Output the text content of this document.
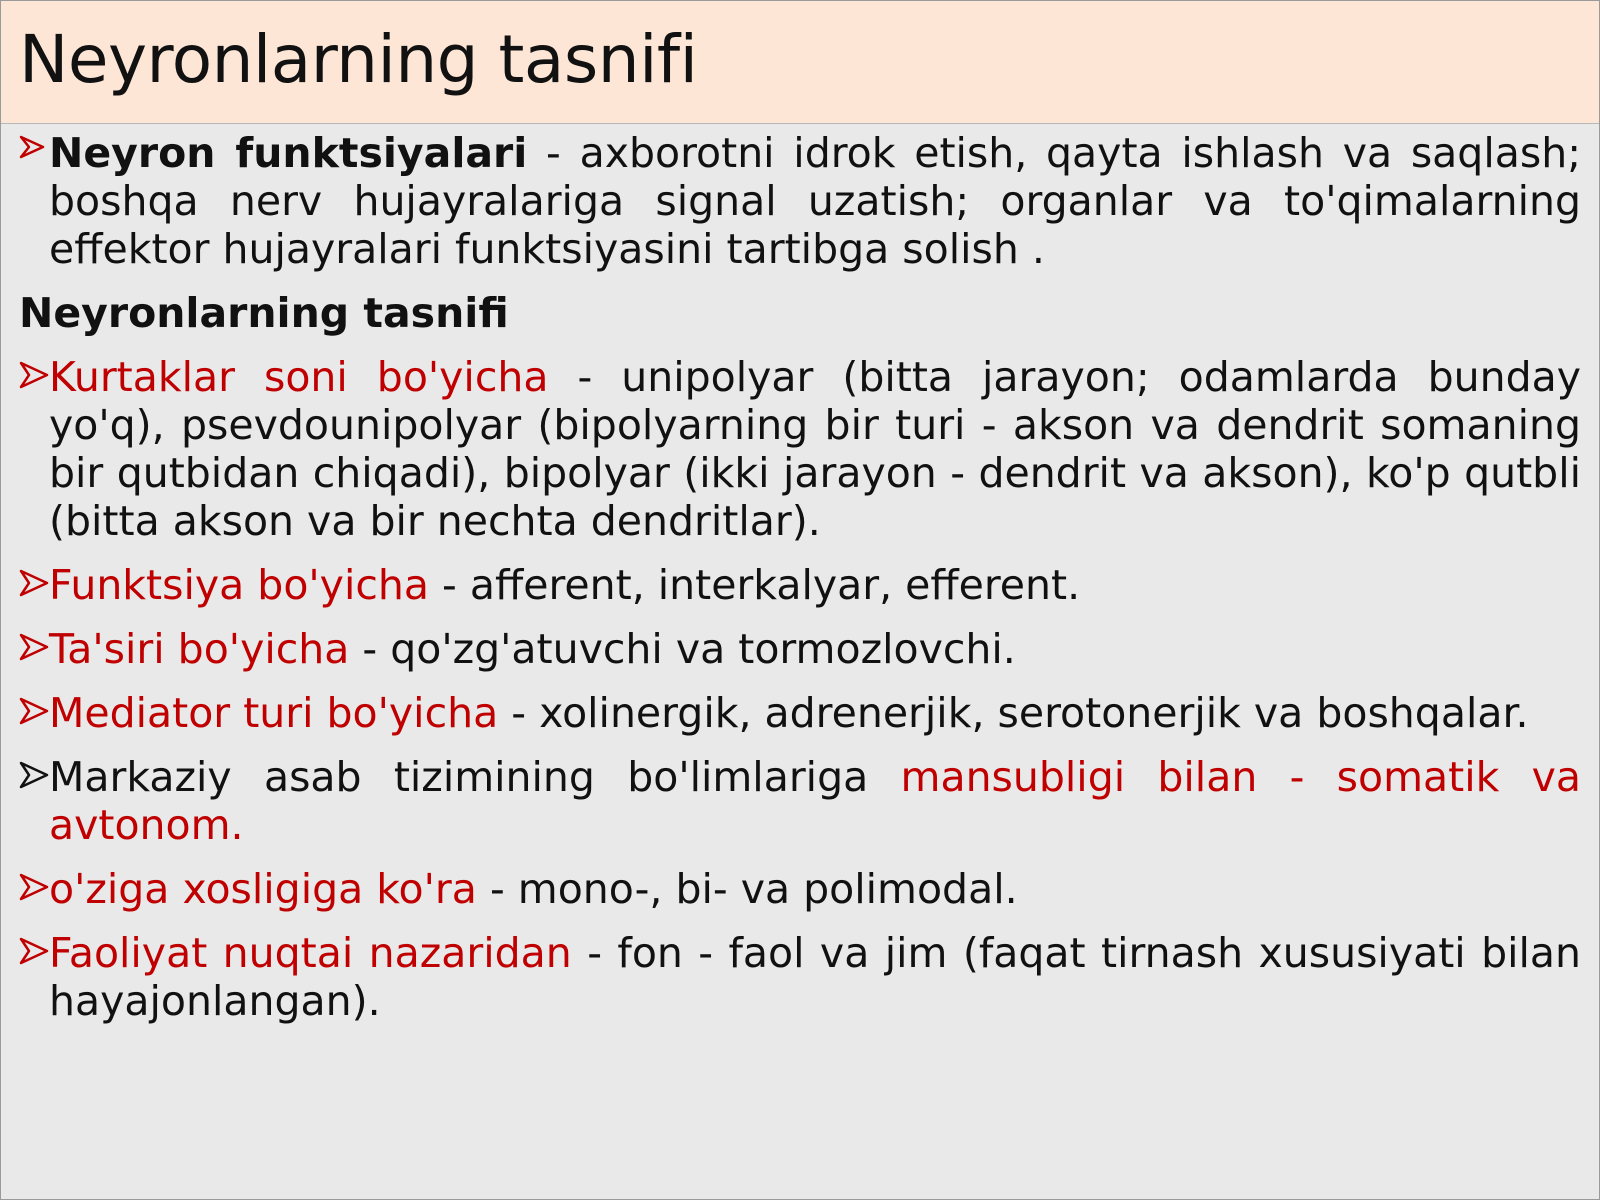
Neyronlarning tasnifi
Neyron funktsiyalari - axborotni idrok etish, qayta ishlash va saqlash; boshqa nerv hujayralariga signal uzatish; organlar va to'qimalarning effektor hujayralari funktsiyasini tartibga solish .
Neyronlarning tasnifi
Kurtaklar soni bo'yicha - unipolyar (bitta jarayon; odamlarda bunday yo'q), psevdounipolyar (bipolyarning bir turi - akson va dendrit somaning bir qutbidan chiqadi), bipolyar (ikki jarayon - dendrit va akson), ko'p qutbli (bitta akson va bir nechta dendritlar).
Funktsiya bo'yicha - afferent, interkalyar, efferent.
Ta'siri bo'yicha - qo'zg'atuvchi va tormozlovchi.
Mediator turi bo'yicha - xolinergik, adrenerjik, serotonerjik va boshqalar.
Markaziy asab tizimining bo'limlariga mansubligi bilan - somatik va avtonom.
o'ziga xosligiga ko'ra - mono-, bi- va polimodal.
Faoliyat nuqtai nazaridan - fon - faol va jim (faqat tirnash xususiyati bilan hayajonlangan).
